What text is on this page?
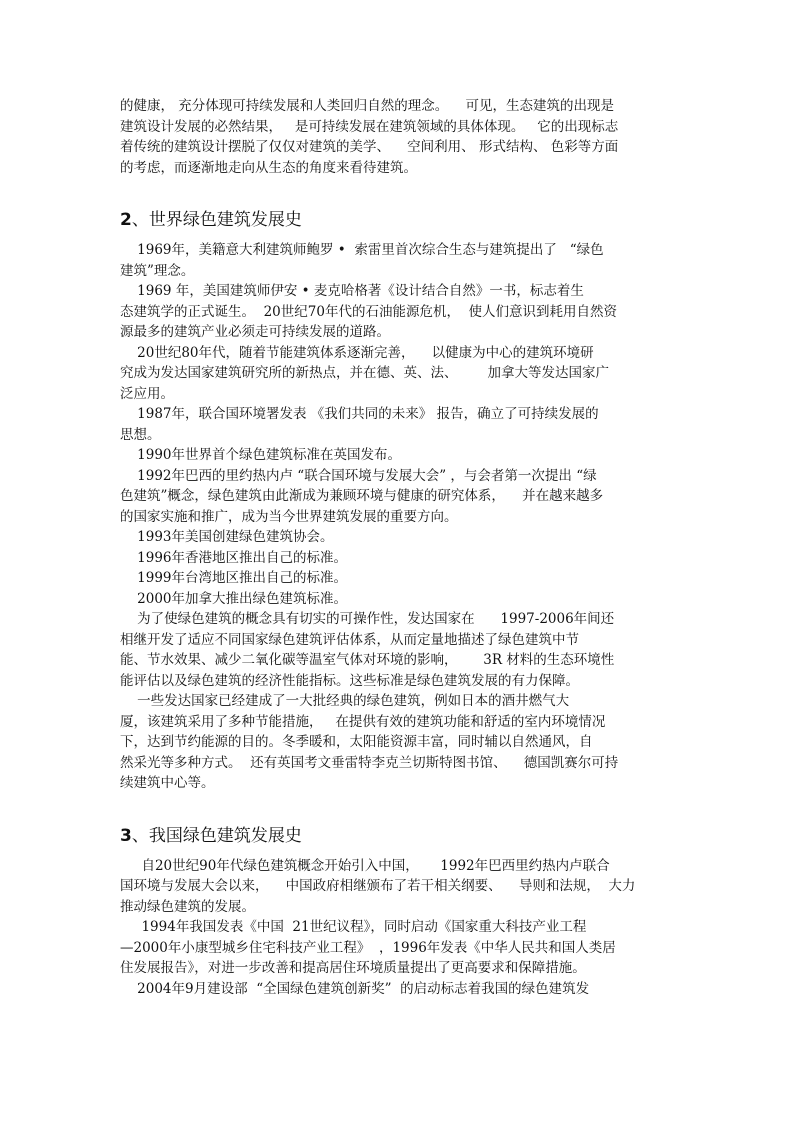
的健康， 充分体现可持续发展和人类回归自然的理念。    可见，生态建筑的出现是
建筑设计发展的必然结果，   是可持续发展在建筑领域的具体体现。   它的出现标志
着传统的建筑设计摆脱了仅仅对建筑的美学、    空间利用、 形式结构、 色彩等方面
的考虑，而逐渐地走向从生态的角度来看待建筑。

2、世界绿色建筑发展史

1969年，美籍意大利建筑师鲍罗 •  索雷里首次综合生态与建筑提出了   “绿色
建筑”理念。

1969 年，美国建筑师伊安 • 麦克哈格著《设计结合自然》一书，标志着生
态建筑学的正式诞生。  20世纪70年代的石油能源危机，  使人们意识到耗用自然资
源最多的建筑产业必须走可持续发展的道路。

20世纪80年代，随着节能建筑体系逐渐完善，    以健康为中心的建筑环境研
究成为发达国家建筑研究所的新热点，并在德、英、法、       加拿大等发达国家广
泛应用。

1987年，联合国环境署发表 《我们共同的未来》 报告，确立了可持续发展的
思想。

1990年世界首个绿色建筑标准在英国发布。

1992年巴西的里约热内卢 “联合国环境与发展大会” ，与会者第一次提出 “绿
色建筑”概念，绿色建筑由此渐成为兼顾环境与健康的研究体系，    并在越来越多
的国家实施和推广，成为当今世界建筑发展的重要方向。

1993年美国创建绿色建筑协会。

1996年香港地区推出自己的标准。

1999年台湾地区推出自己的标准。

2000年加拿大推出绿色建筑标准。

为了使绿色建筑的概念具有切实的可操作性，发达国家在      1997-2006年间还
相继开发了适应不同国家绿色建筑评估体系，从而定量地描述了绿色建筑中节
能、节水效果、减少二氧化碳等温室气体对环境的影响，      3R 材料的生态环境性
能评估以及绿色建筑的经济性能指标。这些标准是绿色建筑发展的有力保障。

一些发达国家已经建成了一大批经典的绿色建筑，例如日本的酒井燃气大
厦，该建筑采用了多种节能措施，   在提供有效的建筑功能和舒适的室内环境情况
下，达到节约能源的目的。冬季暖和，太阳能资源丰富，同时辅以自然通风，自
然采光等多种方式。  还有英国考文垂雷特李克兰切斯特图书馆、    德国凯赛尔可持
续建筑中心等。

3、我国绿色建筑发展史

自20世纪90年代绿色建筑概念开始引入中国，     1992年巴西里约热内卢联合
国环境与发展大会以来，    中国政府相继颁布了若干相关纲要、    导则和法规，  大力
推动绿色建筑的发展。

1994年我国发表《中国  21世纪议程》，同时启动《国家重大科技产业工程
—2000年小康型城乡住宅科技产业工程》  ，1996年发表《中华人民共和国人类居
住发展报告》，对进一步改善和提高居住环境质量提出了更高要求和保障措施。

2004年9月建设部  “全国绿色建筑创新奖”  的启动标志着我国的绿色建筑发
